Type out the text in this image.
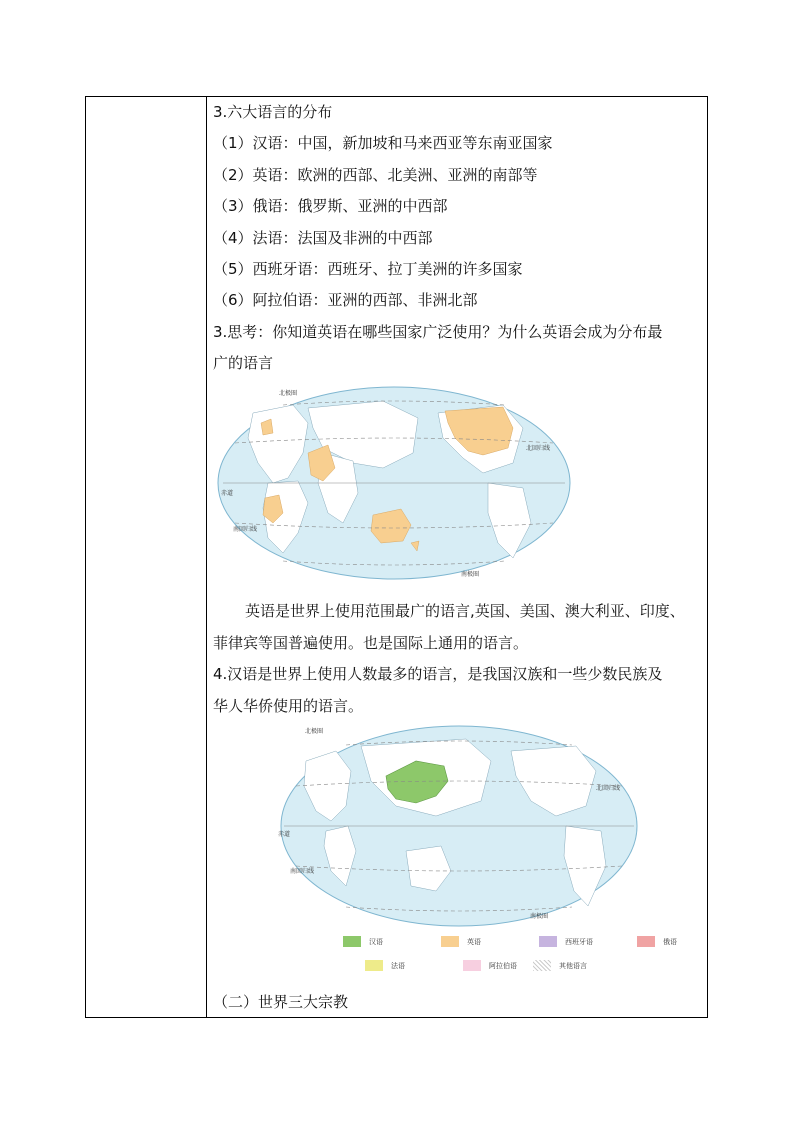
3.六大语言的分布
（1）汉语：中国，新加坡和马来西亚等东南亚国家
（2）英语：欧洲的西部、北美洲、亚洲的南部等
（3）俄语：俄罗斯、亚洲的中西部
（4）法语：法国及非洲的中西部
（5）西班牙语：西班牙、拉丁美洲的许多国家
（6）阿拉伯语：亚洲的西部、非洲北部
3.思考：你知道英语在哪些国家广泛使用？为什么英语会成为分布最
广的语言
北极圈
北回归线
赤道
南回归线
南极圈
英语是世界上使用范围最广的语言,英国、美国、澳大利亚、印度、
菲律宾等国普遍使用。也是国际上通用的语言。
4.汉语是世界上使用人数最多的语言，是我国汉族和一些少数民族及
华人华侨使用的语言。
北极圈
北回归线
赤道
南回归线
南极圈
汉语	英语	西班牙语	俄语
法语	阿拉伯语	其他语言
（二）世界三大宗教
